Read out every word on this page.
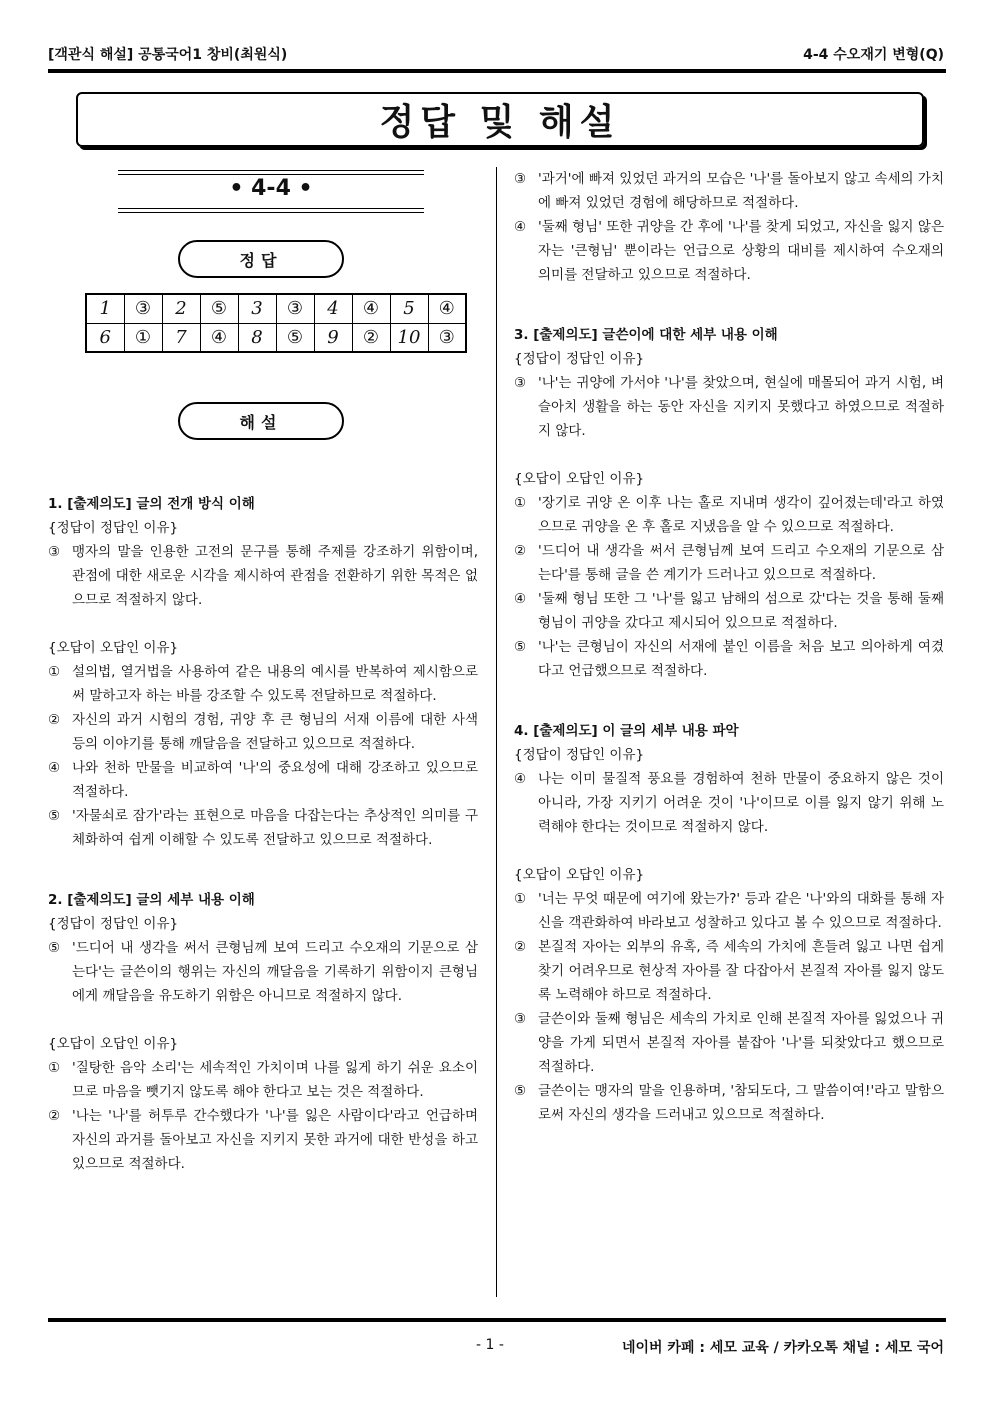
[객관식 해설] 공통국어1 창비(최원식)	4-4 수오재기 변형(Q)
정답 및 해설
• 4-4 •
정답
1	③	2	⑤	3	③	4	④	5	④
6	①	7	④	8	⑤	9	②	10	③
해설
1. [출제의도] 글의 전개 방식 이해
{정답이 정답인 이유}
③ 맹자의 말을 인용한 고전의 문구를 통해 주제를 강조하기 위함이며, 관점에 대한 새로운 시각을 제시하여 관점을 전환하기 위한 목적은 없으므로 적절하지 않다.
{오답이 오답인 이유}
① 설의법, 열거법을 사용하여 같은 내용의 예시를 반복하여 제시함으로써 말하고자 하는 바를 강조할 수 있도록 전달하므로 적절하다.
② 자신의 과거 시험의 경험, 귀양 후 큰 형님의 서재 이름에 대한 사색 등의 이야기를 통해 깨달음을 전달하고 있으므로 적절하다.
④ 나와 천하 만물을 비교하여 '나'의 중요성에 대해 강조하고 있으므로 적절하다.
⑤ '자물쇠로 잠가'라는 표현으로 마음을 다잡는다는 추상적인 의미를 구체화하여 쉽게 이해할 수 있도록 전달하고 있으므로 적절하다.
2. [출제의도] 글의 세부 내용 이해
{정답이 정답인 이유}
⑤ '드디어 내 생각을 써서 큰형님께 보여 드리고 수오재의 기문으로 삼는다'는 글쓴이의 행위는 자신의 깨달음을 기록하기 위함이지 큰형님에게 깨달음을 유도하기 위함은 아니므로 적절하지 않다.
{오답이 오답인 이유}
① '질탕한 음악 소리'는 세속적인 가치이며 나를 잃게 하기 쉬운 요소이므로 마음을 뺏기지 않도록 해야 한다고 보는 것은 적절하다.
② '나는 '나'를 허투루 간수했다가 '나'를 잃은 사람이다'라고 언급하며 자신의 과거를 돌아보고 자신을 지키지 못한 과거에 대한 반성을 하고 있으므로 적절하다.
③ '과거'에 빠져 있었던 과거의 모습은 '나'를 돌아보지 않고 속세의 가치에 빠져 있었던 경험에 해당하므로 적절하다.
④ '둘째 형님' 또한 귀양을 간 후에 '나'를 찾게 되었고, 자신을 잃지 않은 자는 '큰형님' 뿐이라는 언급으로 상황의 대비를 제시하여 수오재의 의미를 전달하고 있으므로 적절하다.
3. [출제의도] 글쓴이에 대한 세부 내용 이해
{정답이 정답인 이유}
③ '나'는 귀양에 가서야 '나'를 찾았으며, 현실에 매몰되어 과거 시험, 벼슬아치 생활을 하는 동안 자신을 지키지 못했다고 하였으므로 적절하지 않다.
{오답이 오답인 이유}
① '장기로 귀양 온 이후 나는 홀로 지내며 생각이 깊어졌는데'라고 하였으므로 귀양을 온 후 홀로 지냈음을 알 수 있으므로 적절하다.
② '드디어 내 생각을 써서 큰형님께 보여 드리고 수오재의 기문으로 삼는다'를 통해 글을 쓴 계기가 드러나고 있으므로 적절하다.
④ '둘째 형님 또한 그 '나'를 잃고 남해의 섬으로 갔'다는 것을 통해 둘째 형님이 귀양을 갔다고 제시되어 있으므로 적절하다.
⑤ '나'는 큰형님이 자신의 서재에 붙인 이름을 처음 보고 의아하게 여겼다고 언급했으므로 적절하다.
4. [출제의도] 이 글의 세부 내용 파악
{정답이 정답인 이유}
④ 나는 이미 물질적 풍요를 경험하여 천하 만물이 중요하지 않은 것이 아니라, 가장 지키기 어려운 것이 '나'이므로 이를 잃지 않기 위해 노력해야 한다는 것이므로 적절하지 않다.
{오답이 오답인 이유}
① '너는 무엇 때문에 여기에 왔는가?' 등과 같은 '나'와의 대화를 통해 자신을 객관화하여 바라보고 성찰하고 있다고 볼 수 있으므로 적절하다.
② 본질적 자아는 외부의 유혹, 즉 세속의 가치에 흔들려 잃고 나면 쉽게 찾기 어려우므로 현상적 자아를 잘 다잡아서 본질적 자아를 잃지 않도록 노력해야 하므로 적절하다.
③ 글쓴이와 둘째 형님은 세속의 가치로 인해 본질적 자아를 잃었으나 귀양을 가게 되면서 본질적 자아를 붙잡아 '나'를 되찾았다고 했으므로 적절하다.
⑤ 글쓴이는 맹자의 말을 인용하며, '참되도다, 그 말씀이여!'라고 말함으로써 자신의 생각을 드러내고 있으므로 적절하다.
- 1 -	네이버 카페 : 세모 교육 / 카카오톡 채널 : 세모 국어
